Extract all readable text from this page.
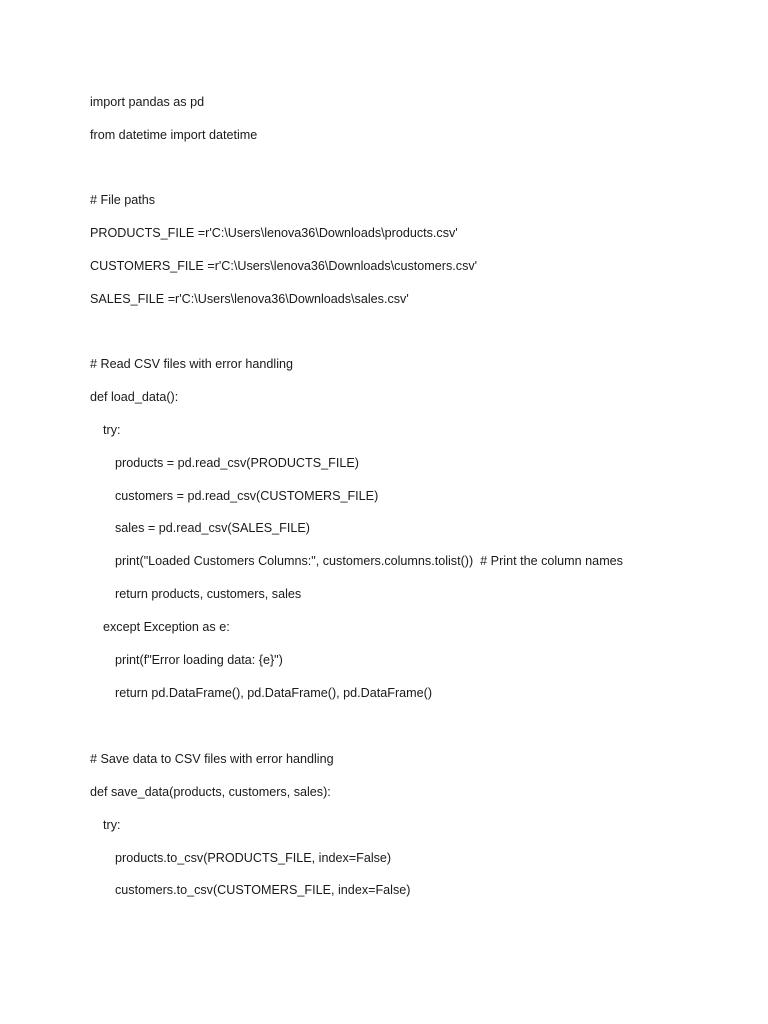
import pandas as pd
from datetime import datetime
# File paths
PRODUCTS_FILE =r'C:\Users\lenova36\Downloads\products.csv'
CUSTOMERS_FILE =r'C:\Users\lenova36\Downloads\customers.csv'
SALES_FILE =r'C:\Users\lenova36\Downloads\sales.csv'
# Read CSV files with error handling
def load_data():
try:
products = pd.read_csv(PRODUCTS_FILE)
customers = pd.read_csv(CUSTOMERS_FILE)
sales = pd.read_csv(SALES_FILE)
print("Loaded Customers Columns:", customers.columns.tolist())  # Print the column names
return products, customers, sales
except Exception as e:
print(f"Error loading data: {e}")
return pd.DataFrame(), pd.DataFrame(), pd.DataFrame()
# Save data to CSV files with error handling
def save_data(products, customers, sales):
try:
products.to_csv(PRODUCTS_FILE, index=False)
customers.to_csv(CUSTOMERS_FILE, index=False)
